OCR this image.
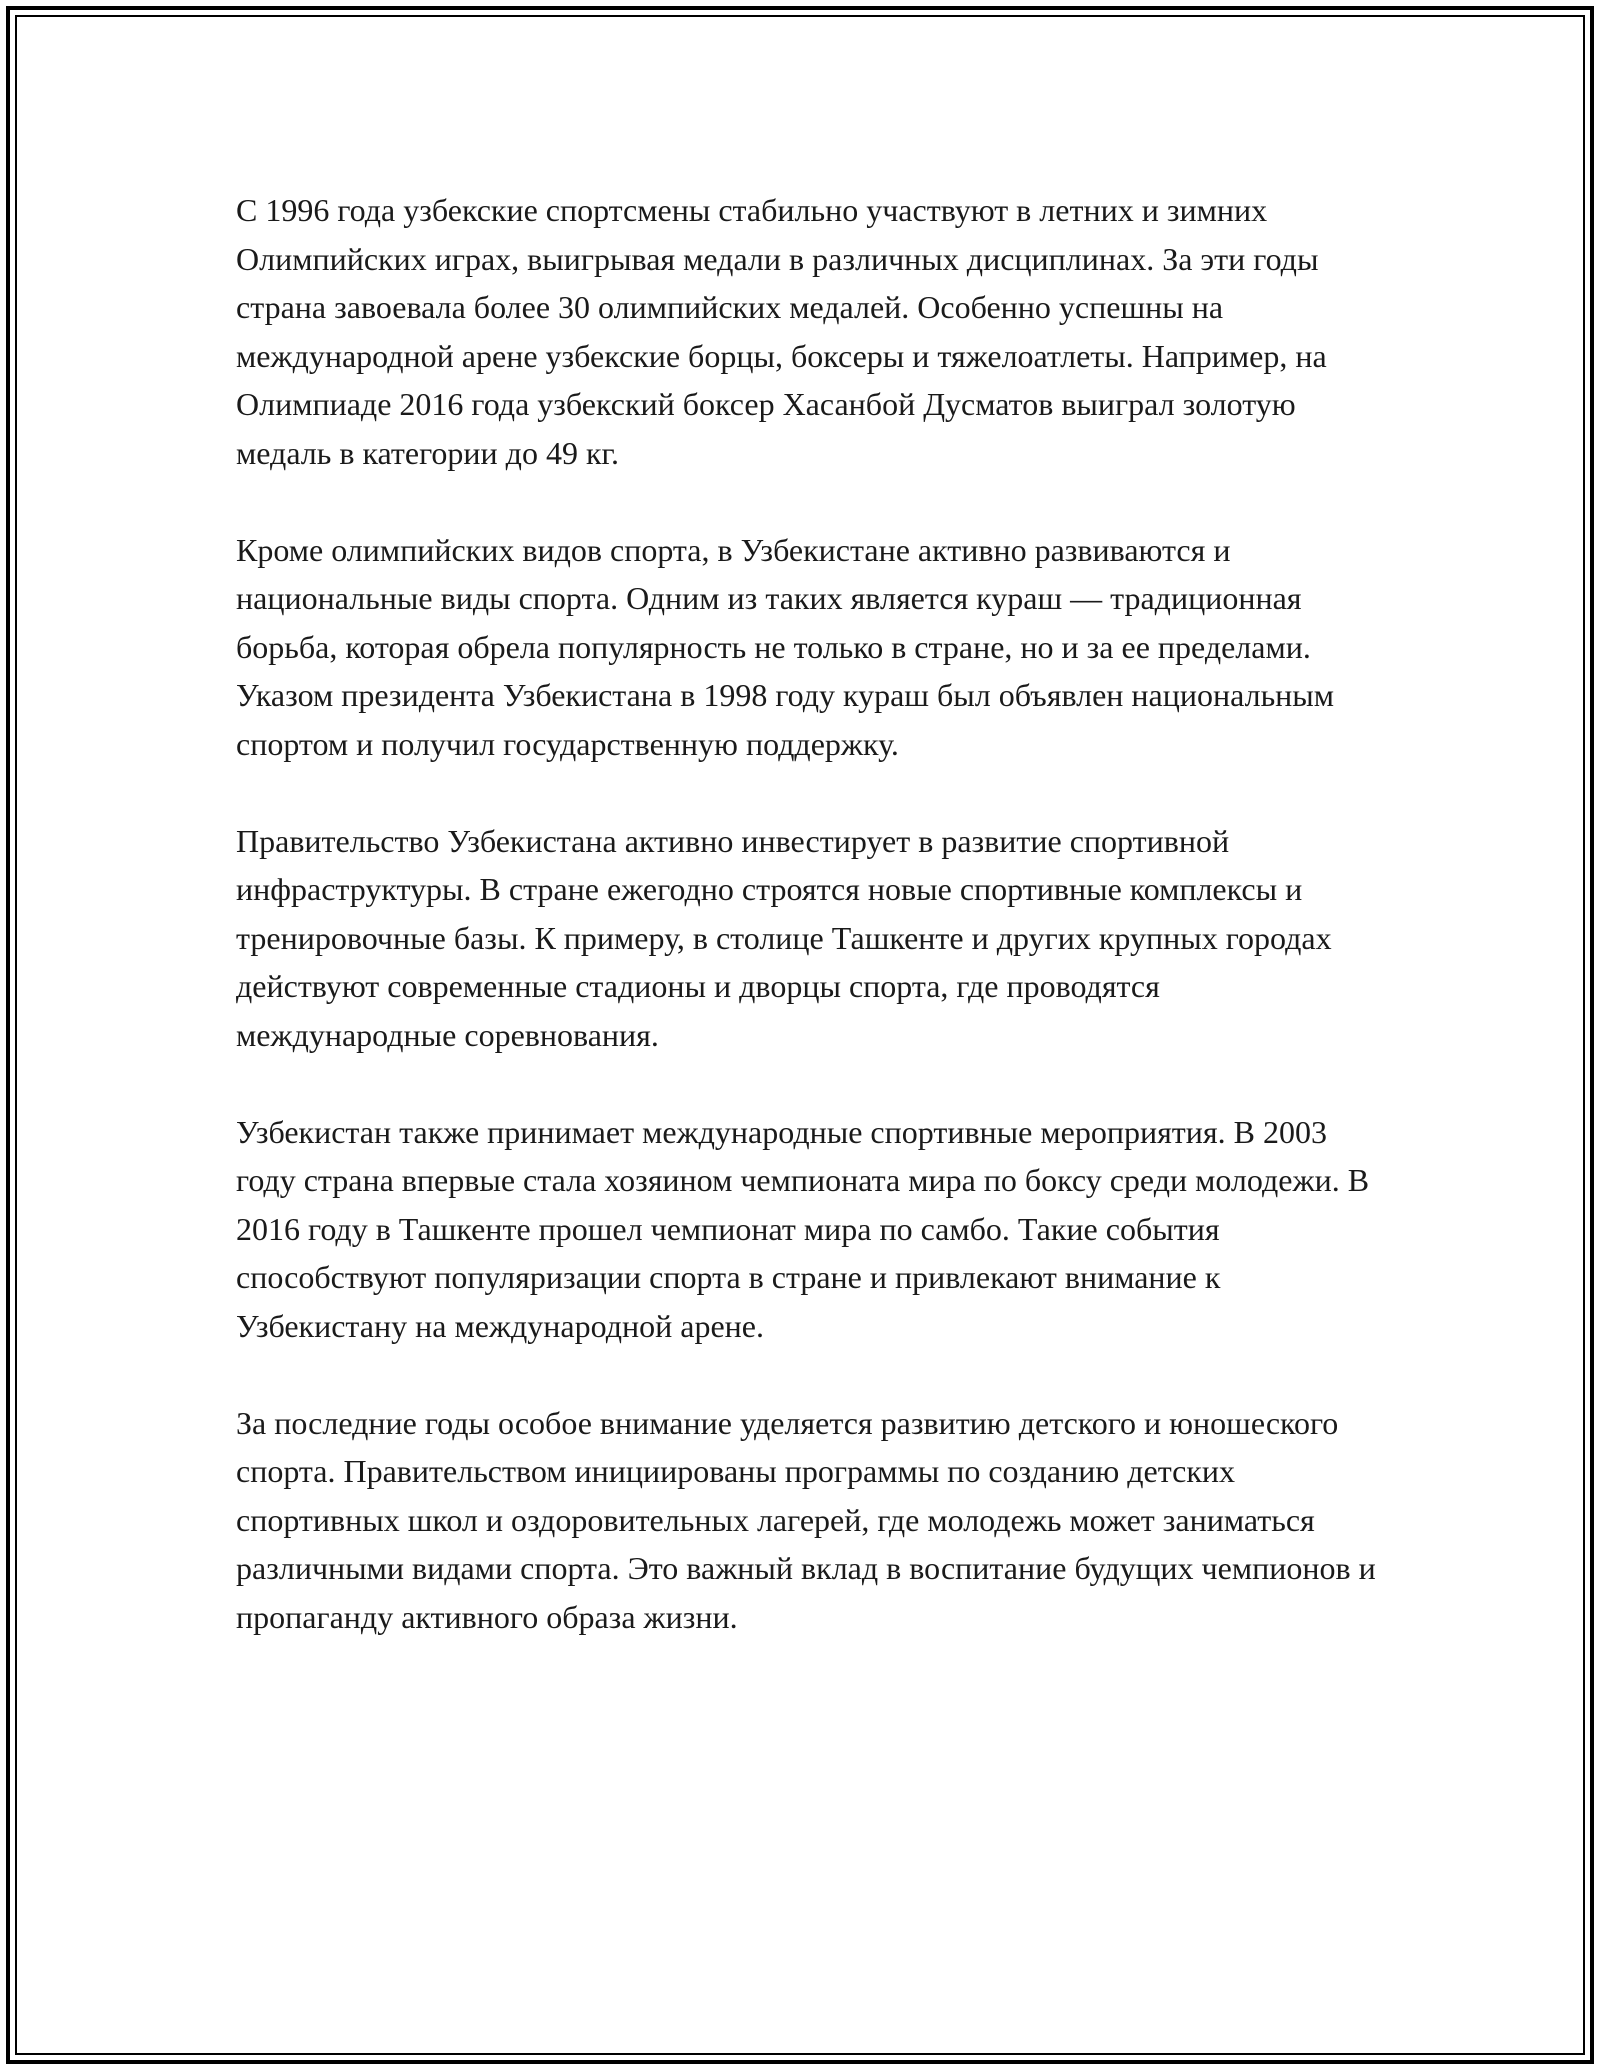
С 1996 года узбекские спортсмены стабильно участвуют в летних и зимних Олимпийских играх, выигрывая медали в различных дисциплинах. За эти годы страна завоевала более 30 олимпийских медалей. Особенно успешны на международной арене узбекские борцы, боксеры и тяжелоатлеты. Например, на Олимпиаде 2016 года узбекский боксер Хасанбой Дусматов выиграл золотую медаль в категории до 49 кг.

Кроме олимпийских видов спорта, в Узбекистане активно развиваются и национальные виды спорта. Одним из таких является кураш — традиционная борьба, которая обрела популярность не только в стране, но и за ее пределами. Указом президента Узбекистана в 1998 году кураш был объявлен национальным спортом и получил государственную поддержку.

Правительство Узбекистана активно инвестирует в развитие спортивной инфраструктуры. В стране ежегодно строятся новые спортивные комплексы и тренировочные базы. К примеру, в столице Ташкенте и других крупных городах действуют современные стадионы и дворцы спорта, где проводятся международные соревнования.

Узбекистан также принимает международные спортивные мероприятия. В 2003 году страна впервые стала хозяином чемпионата мира по боксу среди молодежи. В 2016 году в Ташкенте прошел чемпионат мира по самбо. Такие события способствуют популяризации спорта в стране и привлекают внимание к Узбекистану на международной арене.

За последние годы особое внимание уделяется развитию детского и юношеского спорта. Правительством инициированы программы по созданию детских спортивных школ и оздоровительных лагерей, где молодежь может заниматься различными видами спорта. Это важный вклад в воспитание будущих чемпионов и пропаганду активного образа жизни.
